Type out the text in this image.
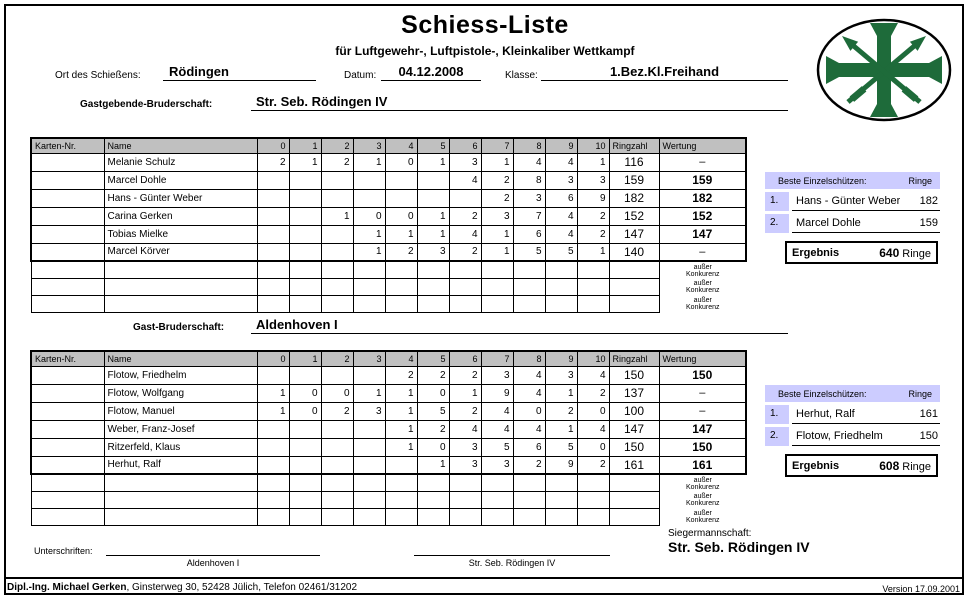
Schiess-Liste
für Luftgewehr-, Luftpistole-, Kleinkaliber Wettkampf
Ort des Schießens:	Rödingen	Datum:	04.12.2008	Klasse:	1.Bez.Kl.Freihand
Gastgebende-Bruderschaft:	Str. Seb. Rödingen IV
Karten-Nr.	Name	0	1	2	3	4	5	6	7	8	9	10	Ringzahl	Wertung
	Melanie Schulz	2	1	2	1	0	1	3	1	4	4	1	116	–
	Marcel Dohle							4	2	8	3	3	159	159
	Hans - Günter Weber								2	3	6	9	182	182
	Carina Gerken			1	0	0	1	2	3	7	4	2	152	152
	Tobias Mielke				1	1	1	4	1	6	4	2	147	147
	Marcel Körver				1	2	3	2	1	5	5	1	140	–

														außer
Konkurenz

														außer
Konkurenz

														außer
Konkurenz
Gast-Bruderschaft:	Aldenhoven I
Karten-Nr.	Name	0	1	2	3	4	5	6	7	8	9	10	Ringzahl	Wertung
	Flotow, Friedhelm					2	2	2	3	4	3	4	150	150
	Flotow, Wolfgang	1	0	0	1	1	0	1	9	4	1	2	137	–
	Flotow, Manuel	1	0	2	3	1	5	2	4	0	2	0	100	–
	Weber, Franz-Josef					1	2	4	4	4	1	4	147	147
	Ritzerfeld, Klaus					1	0	3	5	6	5	0	150	150
	Herhut, Ralf						1	3	3	2	9	2	161	161

														außer
Konkurenz

														außer
Konkurenz

														außer
Konkurenz
Beste Einzelschützen:	Ringe
1.	Hans - Günter Weber 182
2.	Marcel Dohle	159
Ergebnis	640 Ringe
Beste Einzelschützen:	Ringe
1.	Herhut, Ralf	161
2.	Flotow, Friedhelm	150
Ergebnis	608 Ringe
Siegermannschaft:
Str. Seb. Rödingen IV
Unterschriften:
Aldenhoven I	Str. Seb. Rödingen IV
Dipl.-Ing. Michael Gerken, Ginsterweg 30, 52428 Jülich, Telefon 02461/31202	Version 17.09.2001
